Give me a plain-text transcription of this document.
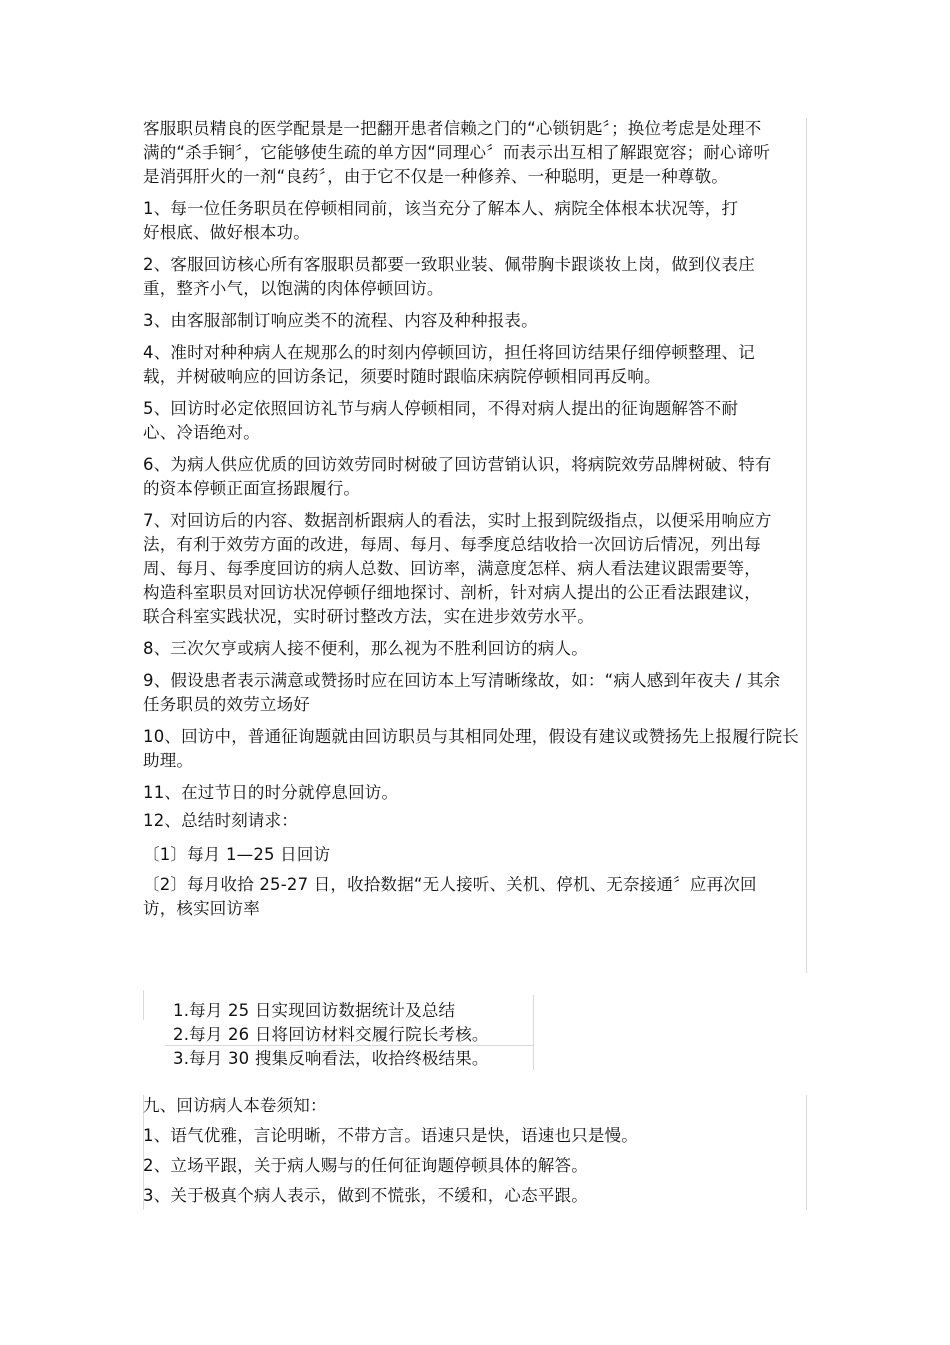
客服职员精良的医学配景是一把翻开患者信赖之门的“心锁钥匙〞；换位考虑是处理不满的“杀手锏〞，它能够使生疏的单方因“同理心〞而表示出互相了解跟宽容；耐心谛听是消弭肝火的一剂“良药〞，由于它不仅是一种修养、一种聪明，更是一种尊敬。

1、每一位任务职员在停顿相同前，该当充分了解本人、病院全体根本状况等，打好根底、做好根本功。

2、客服回访核心所有客服职员都要一致职业装、佩带胸卡跟谈妆上岗，做到仪表庄重，整齐小气，以饱满的肉体停顿回访。

3、由客服部制订响应类不的流程、内容及种种报表。

4、准时对种种病人在规那么的时刻内停顿回访，担任将回访结果仔细停顿整理、记载，并树破响应的回访条记，须要时随时跟临床病院停顿相同再反响。

5、回访时必定依照回访礼节与病人停顿相同，不得对病人提出的征询题解答不耐心、冷语绝对。

6、为病人供应优质的回访效劳同时树破了回访营销认识，将病院效劳品牌树破、特有的资本停顿正面宣扬跟履行。

7、对回访后的内容、数据剖析跟病人的看法，实时上报到院级指点，以便采用响应方法，有利于效劳方面的改进，每周、每月、每季度总结收拾一次回访后情况，列出每周、每月、每季度回访的病人总数、回访率，满意度怎样、病人看法建议跟需要等，构造科室职员对回访状况停顿仔细地探讨、剖析，针对病人提出的公正看法跟建议，联合科室实践状况，实时研讨整改方法，实在进步效劳水平。

8、三次欠亨或病人接不便利，那么视为不胜利回访的病人。

9、假设患者表示满意或赞扬时应在回访本上写清晰缘故，如：“病人感到年夜夫 / 其余任务职员的效劳立场好

10、回访中，普通征询题就由回访职员与其相同处理，假设有建议或赞扬先上报履行院长助理。

11、在过节日的时分就停息回访。

12、总结时刻请求：

〔1〕每月 1—25 日回访

〔2〕每月收拾 25-27 日，收拾数据“无人接听、关机、停机、无奈接通〞应再次回访，核实回访率

1.每月 25 日实现回访数据统计及总结

2.每月 26 日将回访材料交履行院长考核。

3.每月 30 搜集反响看法，收拾终极结果。

九、回访病人本卷须知：

1、语气优雅，言论明晰，不带方言。语速只是快，语速也只是慢。

2、立场平跟，关于病人赐与的任何征询题停顿具体的解答。

3、关于极真个病人表示，做到不慌张，不缓和，心态平跟。
